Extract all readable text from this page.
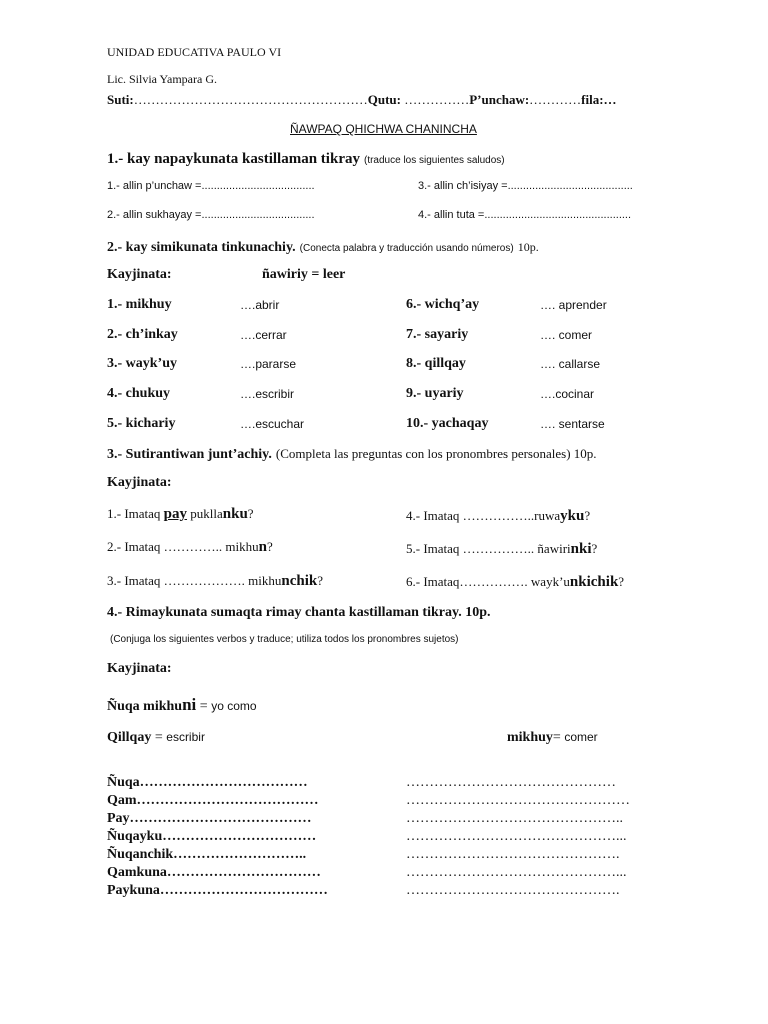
UNIDAD EDUCATIVA PAULO VI
Lic. Silvia Yampara G.
Suti:………………………………………………Qutu: ……………P’unchaw:…………fila:…
ÑAWPAQ QHICHWA CHANINCHA
1.- kay napaykunata kastillaman tikray (traduce los siguientes saludos)
1.- allin p’unchaw =.....................................	3.- allin ch’isiyay =.........................................
2.- allin sukhayay =.....................................	4.- allin tuta =................................................
2.- kay simikunata tinkunachiy. (Conecta palabra y traducción usando números) 10p.
Kayjinata:	ñawiriy = leer
1.- mikhuy	….abrir
2.- ch’inkay	….cerrar
3.- wayk’uy	….pararse
4.- chukuy	….escribir
5.- kichariy	….escuchar
6.- wichq’ay	…. aprender
7.- sayariy	…. comer
8.- qillqay	…. callarse
9.- uyariy	….cocinar
10.- yachaqay	…. sentarse
3.- Sutirantiwan junt’achiy. (Completa las preguntas con los pronombres personales) 10p.
Kayjinata:
1.- Imataq pay pukllanku?	4.- Imataq ……………..ruwayku?
2.- Imataq ………….. mikhun?	5.- Imataq …………….. ñawirinki?
3.- Imataq ………………. mikhunchik?	6.- Imataq……………. wayk’unkichik?
4.- Rimaykunata sumaqta rimay chanta kastillaman tikray. 10p.
(Conjuga los siguientes verbos y traduce; utiliza todos los pronombres sujetos)
Kayjinata:
Ñuqa mikhuni = yo como
Qillqay = escribir	mikhuy= comer
Ñuqa………………………………	………………………………………
Qam…………………………………	…………………………………………
Pay…………………………………	………………………………………..
Ñuqayku……………………………	………………………………………...
Ñuqanchik………………………..	……………………………………….
Qamkuna……………………………	………………………………………...
Paykuna………………………………	……………………………………….
